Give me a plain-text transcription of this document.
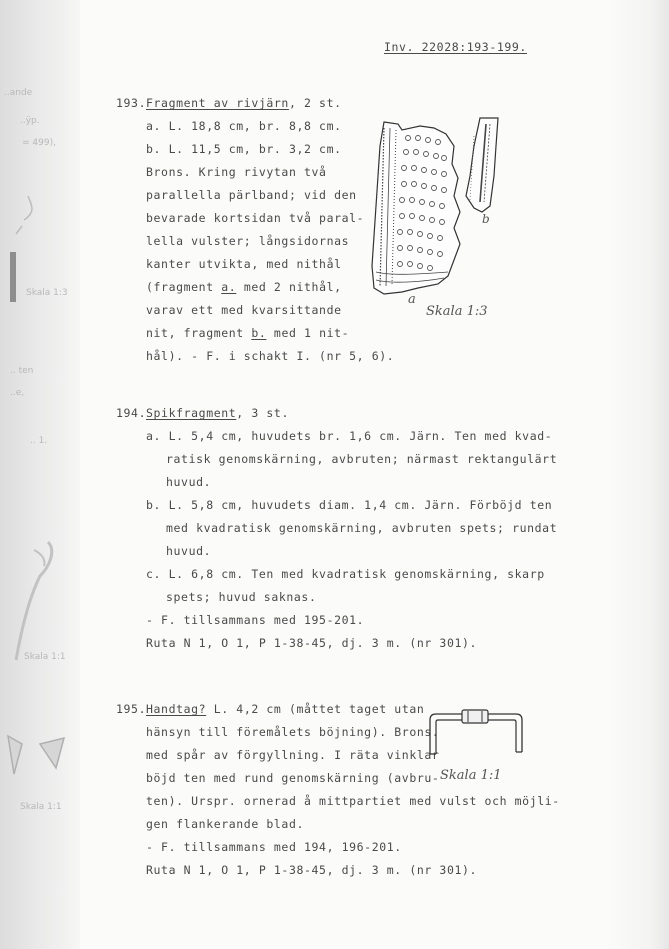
..ande
..ÿp.
= 499),
Skala 1:3
.. ten
..e,
.. 1.
Skala 1:1
Skala 1:1
Inv. 22028:193-199.
193. Fragment av rivjärn, 2 st.
a. L. 18,8 cm, br. 8,8 cm.
b. L. 11,5 cm, br. 3,2 cm.
Brons. Kring rivytan två
parallella pärlband; vid den
bevarade kortsidan två paral-
lella vulster; långsidornas
kanter utvikta, med nithål
(fragment a. med 2 nithål,
varav ett med kvarsittande
nit, fragment b. med 1 nit-
hål). - F. i schakt I. (nr 5, 6).
a
b
Skala 1:3
194. Spikfragment, 3 st.
a. L. 5,4 cm, huvudets br. 1,6 cm. Järn. Ten med kvad-
ratisk genomskärning, avbruten; närmast rektangulärt
huvud.
b. L. 5,8 cm, huvudets diam. 1,4 cm. Järn. Förböjd ten
med kvadratisk genomskärning, avbruten spets; rundat
huvud.
c. L. 6,8 cm. Ten med kvadratisk genomskärning, skarp
spets; huvud saknas.
- F. tillsammans med 195-201.
Ruta N 1, O 1, P 1-38-45, dj. 3 m. (nr 301).
195. Handtag? L. 4,2 cm (måttet taget utan
hänsyn till föremålets böjning). Brons.
med spår av förgyllning. I räta vinklar
böjd ten med rund genomskärning (avbru-
ten). Urspr. ornerad å mittpartiet med vulst och möjli-
gen flankerande blad.
- F. tillsammans med 194, 196-201.
Ruta N 1, O 1, P 1-38-45, dj. 3 m. (nr 301).
Skala 1:1
